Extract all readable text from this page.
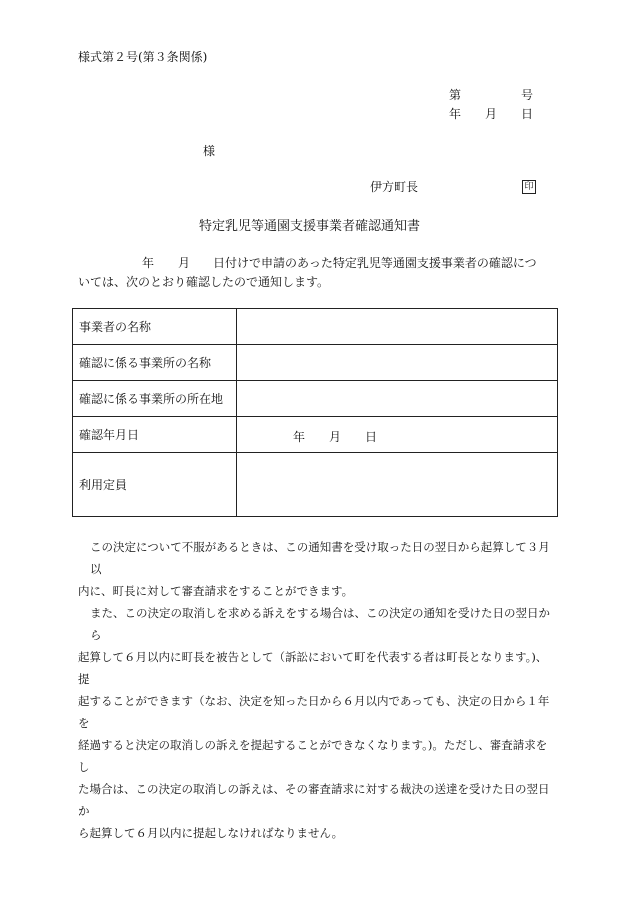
様式第２号(第３条関係)
第	号
年 月 日
様
伊方町長	印
特定乳児等通園支援事業者確認通知書
年 月 日付けで申請のあった特定乳児等通園支援事業者の確認につ
いては、次のとおり確認したので通知します。
事業者の名称	
確認に係る事業所の名称	
確認に係る事業所の所在地	
確認年月日	年 月 日

利用定員	
この決定について不服があるときは、この通知書を受け取った日の翌日から起算して３月以
内に、町長に対して審査請求をすることができます。
また、この決定の取消しを求める訴えをする場合は、この決定の通知を受けた日の翌日から
起算して６月以内に町長を被告として（訴訟において町を代表する者は町長となります。)、提
起することができます（なお、決定を知った日から６月以内であっても、決定の日から１年を
経過すると決定の取消しの訴えを提起することができなくなります。)。ただし、審査請求をし
た場合は、この決定の取消しの訴えは、その審査請求に対する裁決の送達を受けた日の翌日か
ら起算して６月以内に提起しなければなりません。
